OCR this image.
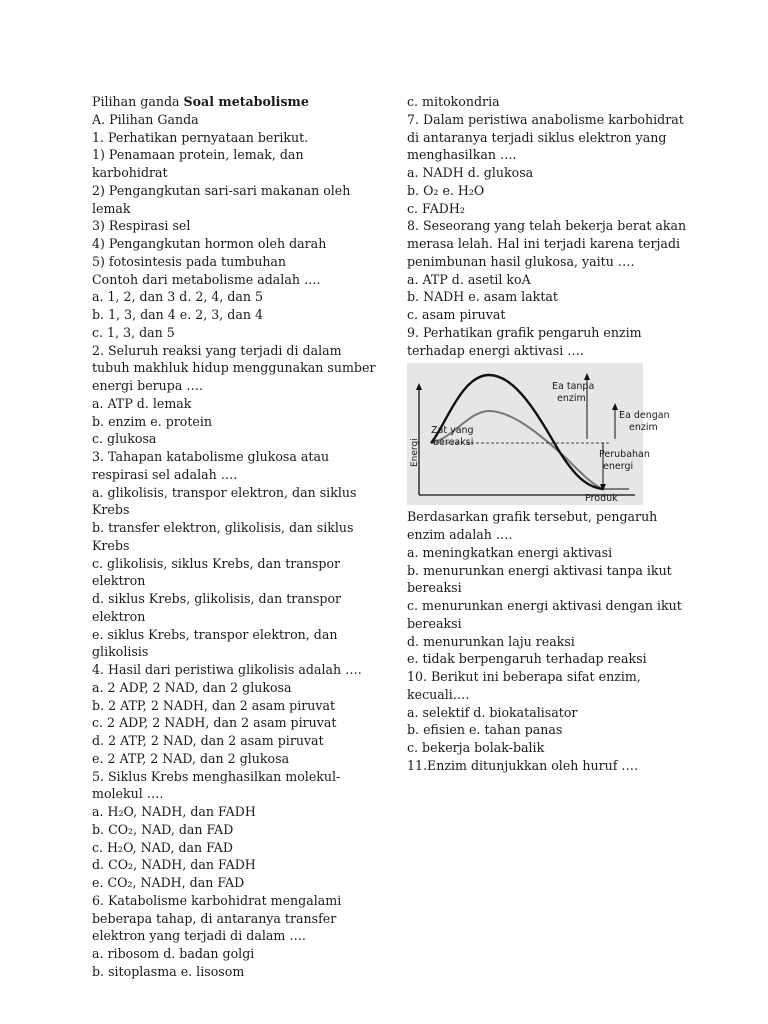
Pilihan ganda Soal metabolisme
A. Pilihan Ganda
1. Perhatikan pernyataan berikut.
1) Penamaan protein, lemak, dan
karbohidrat
2) Pengangkutan sari-sari makanan oleh
lemak
3) Respirasi sel
4) Pengangkutan hormon oleh darah
5) fotosintesis pada tumbuhan
Contoh dari metabolisme adalah ….
a. 1, 2, dan 3 d. 2, 4, dan 5
b. 1, 3, dan 4 e. 2, 3, dan 4
c. 1, 3, dan 5
2. Seluruh reaksi yang terjadi di dalam
tubuh makhluk hidup menggunakan sumber
energi berupa ….
a. ATP d. lemak
b. enzim e. protein
c. glukosa
3. Tahapan katabolisme glukosa atau
respirasi sel adalah ….
a. glikolisis, transpor elektron, dan siklus
Krebs
b. transfer elektron, glikolisis, dan siklus
Krebs
c. glikolisis, siklus Krebs, dan transpor
elektron
d. siklus Krebs, glikolisis, dan transpor
elektron
e. siklus Krebs, transpor elektron, dan
glikolisis
4. Hasil dari peristiwa glikolisis adalah ….
a. 2 ADP, 2 NAD, dan 2 glukosa
b. 2 ATP, 2 NADH, dan 2 asam piruvat
c. 2 ADP, 2 NADH, dan 2 asam piruvat
d. 2 ATP, 2 NAD, dan 2 asam piruvat
e. 2 ATP, 2 NAD, dan 2 glukosa
5. Siklus Krebs menghasilkan molekul-
molekul ….
a. H₂O, NADH, dan FADH
b. CO₂, NAD, dan FAD
c. H₂O, NAD, dan FAD
d. CO₂, NADH, dan FADH
e. CO₂, NADH, dan FAD
6. Katabolisme karbohidrat mengalami
beberapa tahap, di antaranya transfer
elektron yang terjadi di dalam ….
a. ribosom d. badan golgi
b. sitoplasma e. lisosom
c. mitokondria
7. Dalam peristiwa anabolisme karbohidrat
di antaranya terjadi siklus elektron yang
menghasilkan ….
a. NADH d. glukosa
b. O₂ e. H₂O
c. FADH₂
8. Seseorang yang telah bekerja berat akan
merasa lelah. Hal ini terjadi karena terjadi
penimbunan hasil glukosa, yaitu ….
a. ATP d. asetil koA
b. NADH e. asam laktat
c. asam piruvat
9. Perhatikan grafik pengaruh enzim
terhadap energi aktivasi ….
Energi
Ea tanpa
enzim
Ea dengan
enzim
Zat yang
bereaksi
Perubahan
energi
Produk
Berdasarkan grafik tersebut, pengaruh
enzim adalah ….
a. meningkatkan energi aktivasi
b. menurunkan energi aktivasi tanpa ikut
bereaksi
c. menurunkan energi aktivasi dengan ikut
bereaksi
d. menurunkan laju reaksi
e. tidak berpengaruh terhadap reaksi
10. Berikut ini beberapa sifat enzim,
kecuali….
a. selektif d. biokatalisator
b. efisien e. tahan panas
c. bekerja bolak-balik
11.Enzim ditunjukkan oleh huruf ….
